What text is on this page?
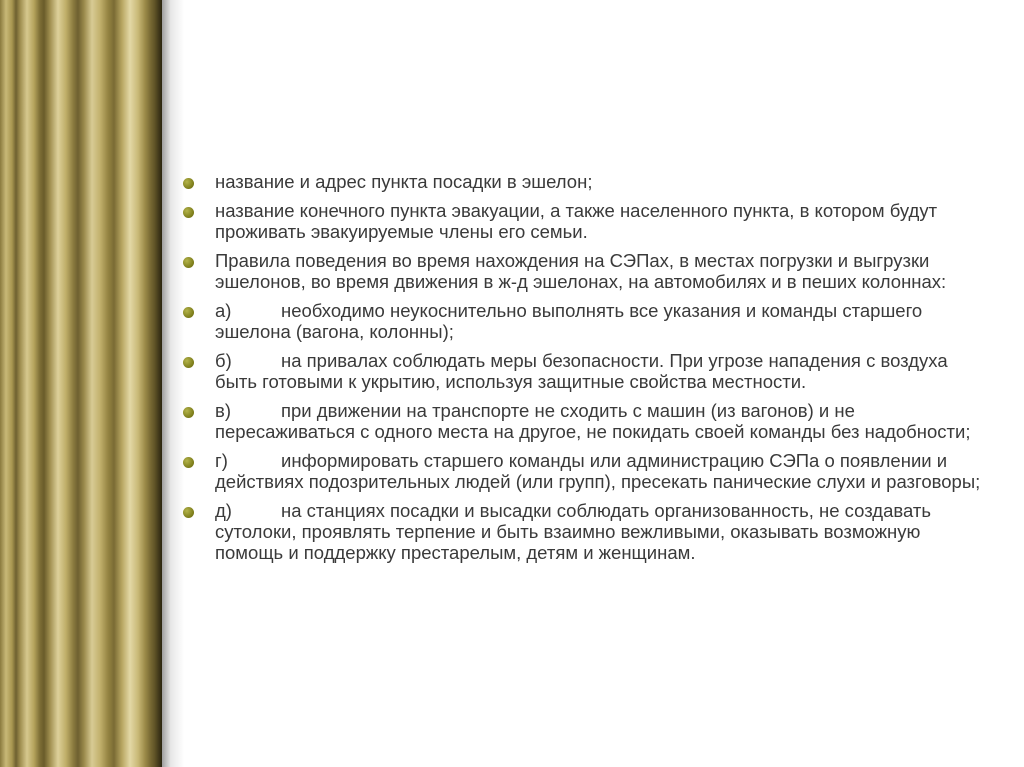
название и адрес пункта посадки в эшелон;
название конечного пункта эвакуации, а также населенного пункта, в котором будут проживать эвакуируемые члены его семьи.
Правила поведения во время нахождения на СЭПах, в местах погрузки и выгрузки эшелонов, во время движения в ж-д эшелонах, на автомобилях и в пеших колоннах:
а)	необходимо неукоснительно выполнять все указания и команды старшего эшелона (вагона, колонны);
б)	на привалах соблюдать меры безопасности. При угрозе нападения с воздуха быть готовыми к укрытию, используя защитные свойства местности.
в)	при движении на транспорте не сходить с машин (из вагонов) и не пересаживаться с одного места на другое, не покидать своей команды без надобности;
г)	информировать старшего команды или администрацию СЭПа о появлении и действиях подозрительных людей (или групп), пресекать панические слухи и разговоры;
д)	на станциях посадки и высадки соблюдать организованность, не создавать сутолоки, проявлять терпение и быть взаимно вежливыми, оказывать возможную помощь и поддержку престарелым, детям и женщинам.
